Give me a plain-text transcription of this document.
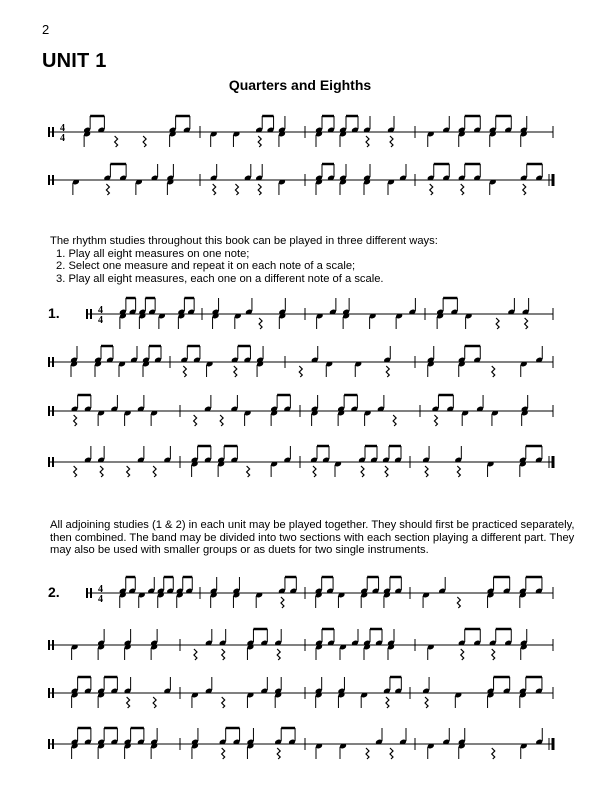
2
UNIT 1
Quarters and Eighths
The rhythm studies throughout this book can be played in three different ways:
1. Play all eight measures on one note;
2. Select one measure and repeat it on each note of a scale;
3. Play all eight measures, each one on a different note of a scale.
All adjoining studies (1 & 2) in each unit may be played together. They should first be practiced separately,
then combined. The band may be divided into two sections with each section playing a different part. They
may also be used with smaller groups or as duets for two single instruments.
1.
2.
4
4
4
4
4
4
